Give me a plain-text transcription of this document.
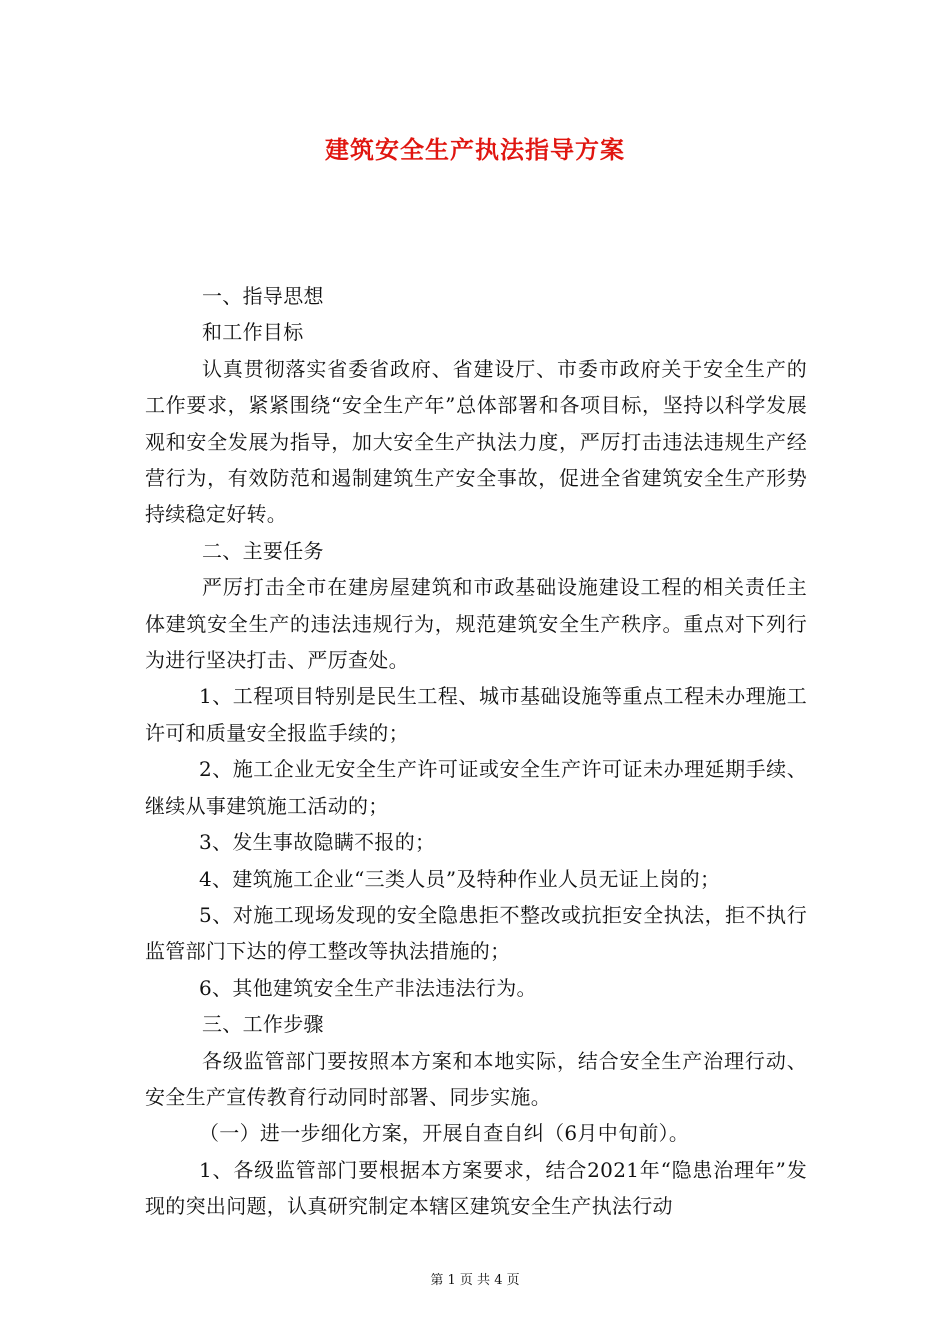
建筑安全生产执法指导方案

一、指导思想

和工作目标

认真贯彻落实省委省政府、省建设厅、市委市政府关于安全生产的工作要求，紧紧围绕“安全生产年”总体部署和各项目标，坚持以科学发展观和安全发展为指导，加大安全生产执法力度，严厉打击违法违规生产经营行为，有效防范和遏制建筑生产安全事故，促进全省建筑安全生产形势持续稳定好转。

二、主要任务

严厉打击全市在建房屋建筑和市政基础设施建设工程的相关责任主体建筑安全生产的违法违规行为，规范建筑安全生产秩序。重点对下列行为进行坚决打击、严厉查处。

1、工程项目特别是民生工程、城市基础设施等重点工程未办理施工许可和质量安全报监手续的；

2、施工企业无安全生产许可证或安全生产许可证未办理延期手续、继续从事建筑施工活动的；

3、发生事故隐瞒不报的；

4、建筑施工企业“三类人员”及特种作业人员无证上岗的；

5、对施工现场发现的安全隐患拒不整改或抗拒安全执法，拒不执行监管部门下达的停工整改等执法措施的；

6、其他建筑安全生产非法违法行为。

三、工作步骤

各级监管部门要按照本方案和本地实际，结合安全生产治理行动、安全生产宣传教育行动同时部署、同步实施。

（一）进一步细化方案，开展自查自纠（6月中旬前）。

1、各级监管部门要根据本方案要求，结合2021年“隐患治理年”发现的突出问题，认真研究制定本辖区建筑安全生产执法行动

第 1 页 共 4 页
